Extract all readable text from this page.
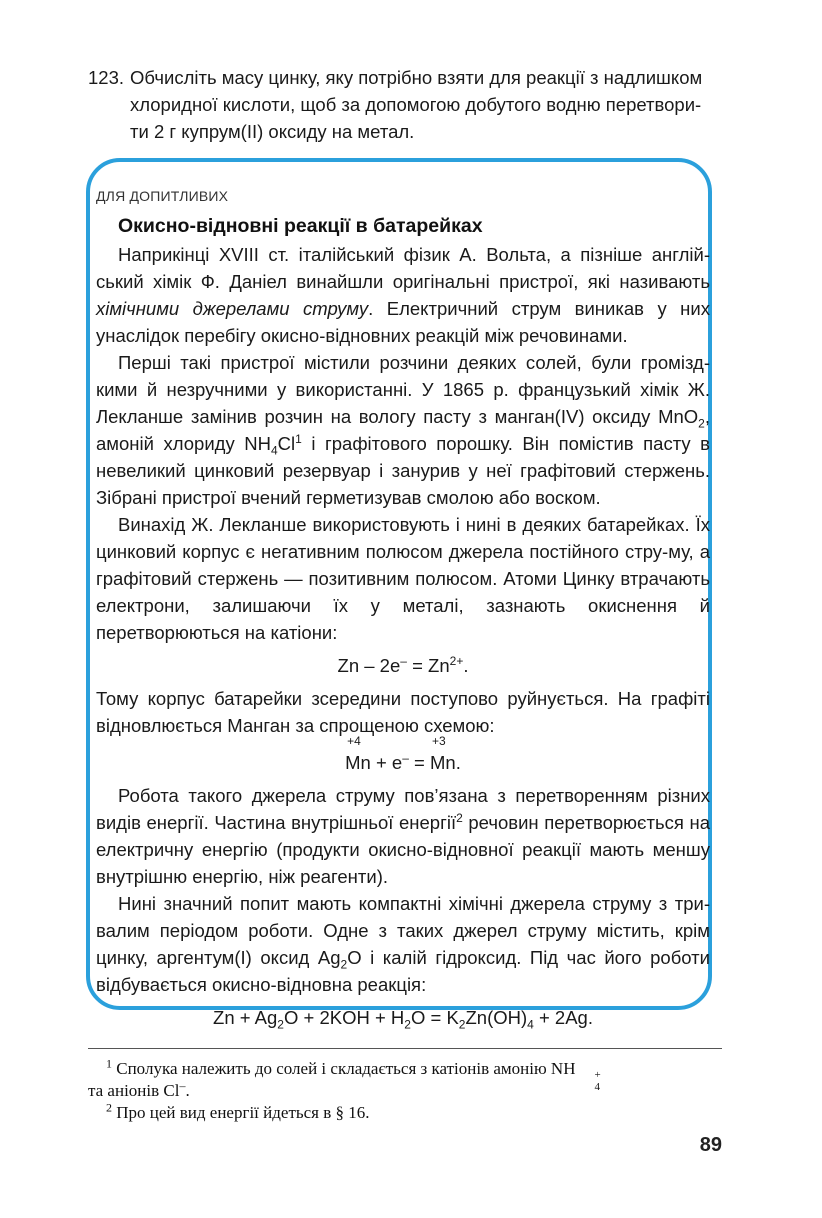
123. Обчисліть масу цинку, яку потрібно взяти для реакції з надлишком
хлоридної кислоти, щоб за допомогою добутого водню перетвори-
ти 2 г купрум(ІІ) оксиду на метал.
ДЛЯ ДОПИТЛИВИХ
Окисно-відновні реакції в батарейках

Наприкінці XVIII ст. італійський фізик А. Вольта, а пізніше англій-ський хімік Ф. Даніел винайшли оригінальні пристрої, які називають хімічними джерелами струму. Електричний струм виникав у них унаслідок перебігу окисно-відновних реакцій між речовинами.

Перші такі пристрої містили розчини деяких солей, були громізд-кими й незручними у використанні. У 1865 р. французький хімік Ж. Лекланше замінив розчин на вологу пасту з манган(IV) оксиду MnO$_2$, амоній хлориду $NH_4Cl^1$ і графітового порошку. Він помістив пасту в невеликий цинковий резервуар і занурив у неї графітовий стержень. Зібрані пристрої вчений герметизував смолою або воском.

Винахід Ж. Лекланше використовують і нині в деяких батарейках. Їх цинковий корпус є негативним полюсом джерела постійного стру-му, а графітовий стержень — позитивним полюсом. Атоми Цинку втрачають електрони, залишаючи їх у металі, зазнають окиснення й перетворюються на катіони:

$Zn - 2e^- = Zn^{2+}$.

Тому корпус батарейки зсередини поступово руйнується. На графіті відновлюється Манган за спрощеною схемою:

+4
Mn + e– =
+3
Mn.

Робота такого джерела струму пов’язана з перетворенням різних видів енергії. Частина внутрішньої енергії$^2$ речовин перетворюється на електричну енергію (продукти окисно-відновної реакції мають меншу внутрішню енергію, ніж реагенти).

Нині значний попит мають компактні хімічні джерела струму з три-валим періодом роботи. Одне з таких джерел струму містить, крім цинку, аргентум(І) оксид $Ag_2O$ і калій гідроксид. Під час його роботи відбувається окисно-відновна реакція:

$Zn + Ag_2O + 2KOH + H_2O = K_2Zn(OH)_4 + 2Ag$.
$^1$ Сполука належить до солей і складається з катіонів амонію NH	+
4
та аніонів Cl–.
$^2$ Про цей вид енергії йдеться в § 16.
89
